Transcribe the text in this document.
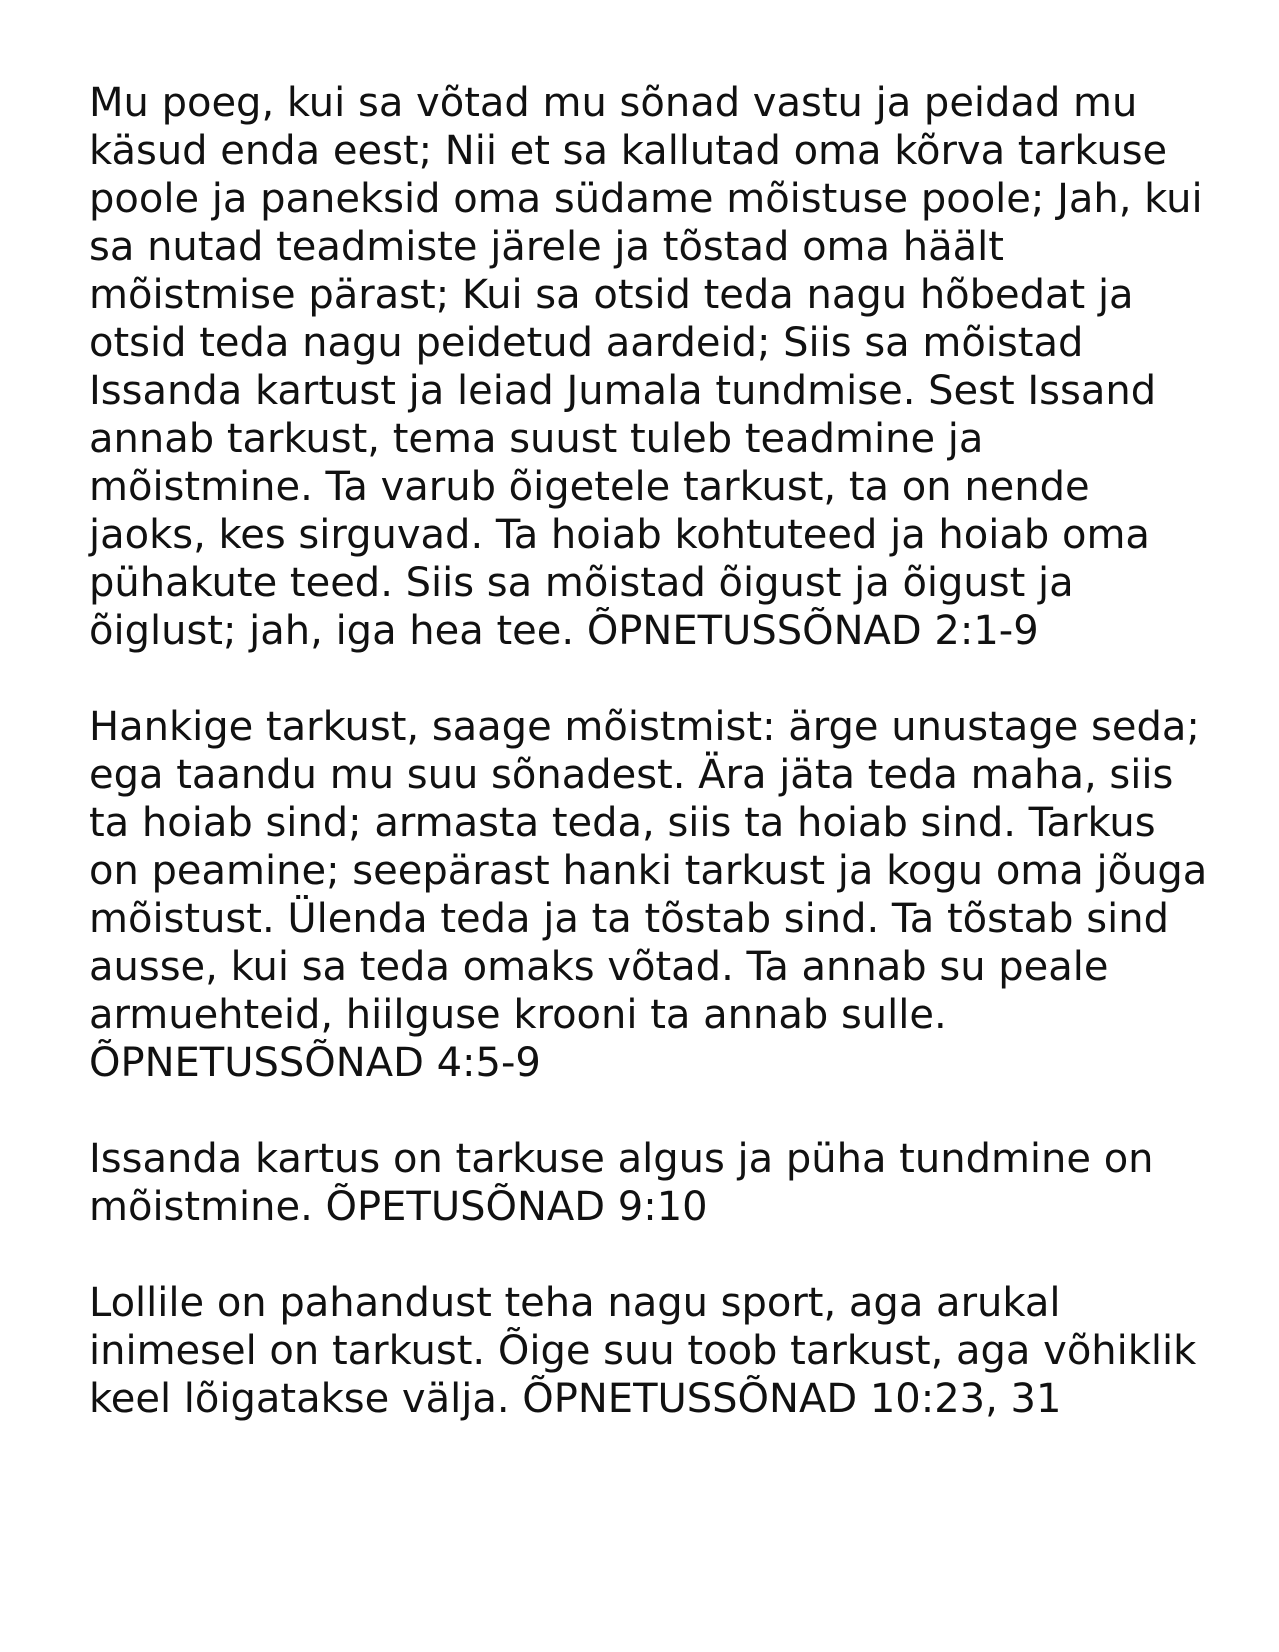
Mu poeg, kui sa võtad mu sõnad vastu ja peidad mu käsud enda eest; Nii et sa kallutad oma kõrva tarkuse poole ja paneksid oma südame mõistuse poole; Jah, kui sa nutad teadmiste järele ja tõstad oma häält mõistmise pärast; Kui sa otsid teda nagu hõbedat ja otsid teda nagu peidetud aardeid; Siis sa mõistad Issanda kartust ja leiad Jumala tundmise. Sest Issand annab tarkust, tema suust tuleb teadmine ja mõistmine. Ta varub õigetele tarkust, ta on nende jaoks, kes sirguvad. Ta hoiab kohtuteed ja hoiab oma pühakute teed. Siis sa mõistad õigust ja õigust ja õiglust; jah, iga hea tee. ÕPNETUSSÕNAD 2:1-9

Hankige tarkust, saage mõistmist: ärge unustage seda; ega taandu mu suu sõnadest. Ära jäta teda maha, siis ta hoiab sind; armasta teda, siis ta hoiab sind. Tarkus on peamine; seepärast hanki tarkust ja kogu oma jõuga mõistust. Ülenda teda ja ta tõstab sind. Ta tõstab sind ausse, kui sa teda omaks võtad. Ta annab su peale armuehteid, hiilguse krooni ta annab sulle. ÕPNETUSSÕNAD 4:5-9

Issanda kartus on tarkuse algus ja püha tundmine on mõistmine. ÕPETUSÕNAD 9:10

Lollile on pahandust teha nagu sport, aga arukal inimesel on tarkust. Õige suu toob tarkust, aga võhiklik keel lõigatakse välja. ÕPNETUSSÕNAD 10:23, 31
